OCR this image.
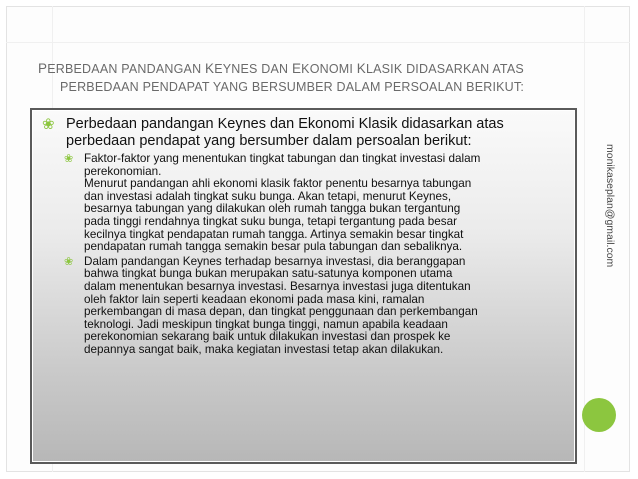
PERBEDAAN PANDANGAN KEYNES DAN EKONOMI KLASIK DIDASARKAN ATAS
PERBEDAAN PENDAPAT YANG BERSUMBER DALAM PERSOALAN BERIKUT:
❀ Perbedaan pandangan Keynes dan Ekonomi Klasik didasarkan atas perbedaan pendapat yang bersumber dalam persoalan berikut:
❀ Faktor-faktor yang menentukan tingkat tabungan dan tingkat investasi dalam
perekonomian.
Menurut pandangan ahli ekonomi klasik faktor penentu besarnya tabungan
dan investasi adalah tingkat suku bunga. Akan tetapi, menurut Keynes,
besarnya tabungan yang dilakukan oleh rumah tangga bukan tergantung
pada tinggi rendahnya tingkat suku bunga, tetapi tergantung pada besar
kecilnya tingkat pendapatan rumah tangga. Artinya semakin besar tingkat
pendapatan rumah tangga semakin besar pula tabungan dan sebaliknya.
❀ Dalam pandangan Keynes terhadap besarnya investasi, dia beranggapan
bahwa tingkat bunga bukan merupakan satu-satunya komponen utama
dalam menentukan besarnya investasi. Besarnya investasi juga ditentukan
oleh faktor lain seperti keadaan ekonomi pada masa kini, ramalan
perkembangan di masa depan, dan tingkat penggunaan dan perkembangan
teknologi. Jadi meskipun tingkat bunga tinggi, namun apabila keadaan
perekonomian sekarang baik untuk dilakukan investasi dan prospek ke
depannya sangat baik, maka kegiatan investasi tetap akan dilakukan.
monikaseplan@gmail.com
